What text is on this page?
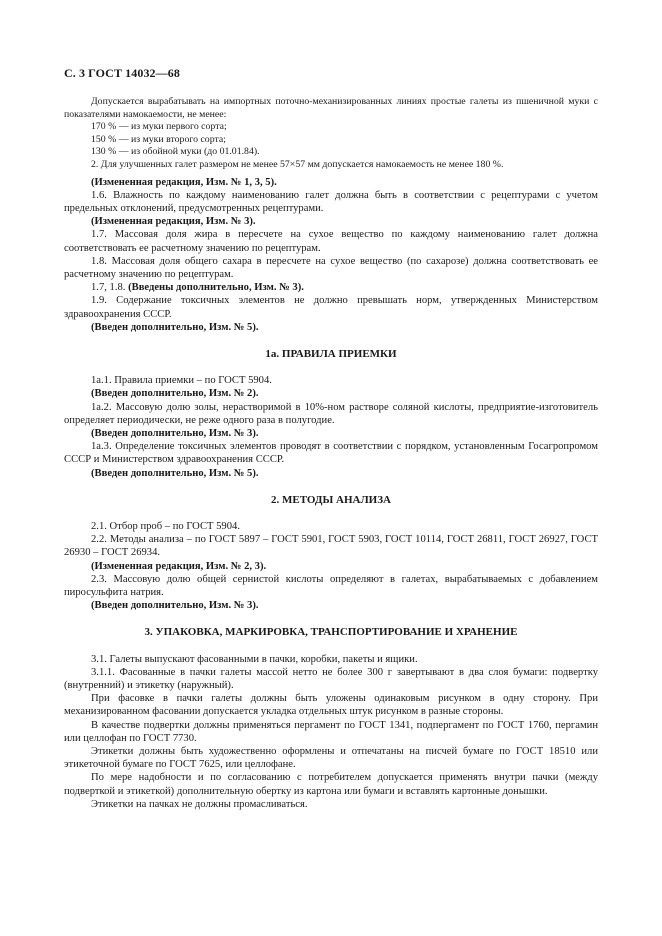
С. 3 ГОСТ 14032—68

Допускается вырабатывать на импортных поточно-механизированных линиях простые галеты из пшеничной муки с показателями намокаемости, не менее:

170 % — из муки первого сорта;

150 % — из муки второго сорта;

130 % — из обойной муки (до 01.01.84).

2. Для улучшенных галет размером не менее 57×57 мм допускается намокаемость не менее 180 %.

(Измененная редакция, Изм. № 1, 3, 5).

1.6. Влажность по каждому наименованию галет должна быть в соответствии с рецептурами с учетом предельных отклонений, предусмотренных рецептурами.

(Измененная редакция, Изм. № 3).

1.7. Массовая доля жира в пересчете на сухое вещество по каждому наименованию галет должна соответствовать ее расчетному значению по рецептурам.

1.8. Массовая доля общего сахара в пересчете на сухое вещество (по сахарозе) должна соответствовать ее расчетному значению по рецептурам.

1.7, 1.8. (Введены дополнительно, Изм. № 3).

1.9. Содержание токсичных элементов не должно превышать норм, утвержденных Министерством здравоохранения СССР.

(Введен дополнительно, Изм. № 5).

1а. ПРАВИЛА ПРИЕМКИ

1а.1. Правила приемки – по ГОСТ 5904.

(Введен дополнительно, Изм. № 2).

1а.2. Массовую долю золы, нерастворимой в 10%-ном растворе соляной кислоты, предприятие-изготовитель определяет периодически, не реже одного раза в полугодие.

(Введен дополнительно, Изм. № 3).

1а.3. Определение токсичных элементов проводят в соответствии с порядком, установленным Госагропромом СССР и Министерством здравоохранения СССР.

(Введен дополнительно, Изм. № 5).

2. МЕТОДЫ АНАЛИЗА

2.1. Отбор проб – по ГОСТ 5904.

2.2. Методы анализа – по ГОСТ 5897 – ГОСТ 5901, ГОСТ 5903, ГОСТ 10114, ГОСТ 26811, ГОСТ 26927, ГОСТ 26930 – ГОСТ 26934.

(Измененная редакция, Изм. № 2, 3).

2.3. Массовую долю общей сернистой кислоты определяют в галетах, вырабатываемых с добавлением пиросульфита натрия.

(Введен дополнительно, Изм. № 3).

3. УПАКОВКА, МАРКИРОВКА, ТРАНСПОРТИРОВАНИЕ И ХРАНЕНИЕ

3.1. Галеты выпускают фасованными в пачки, коробки, пакеты и ящики.

3.1.1. Фасованные в пачки галеты массой нетто не более 300 г завертывают в два слоя бумаги: подвертку (внутренний) и этикетку (наружный).

При фасовке в пачки галеты должны быть уложены одинаковым рисунком в одну сторону. При механизированном фасовании допускается укладка отдельных штук рисунком в разные стороны.

В качестве подвертки должны применяться пергамент по ГОСТ 1341, подпергамент по ГОСТ 1760, пергамин или целлофан по ГОСТ 7730.

Этикетки должны быть художественно оформлены и отпечатаны на писчей бумаге по ГОСТ 18510 или этикеточной бумаге по ГОСТ 7625, или целлофане.

По мере надобности и по согласованию с потребителем допускается применять внутри пачки (между подверткой и этикеткой) дополнительную обертку из картона или бумаги и вставлять картонные донышки.

Этикетки на пачках не должны промасливаться.
